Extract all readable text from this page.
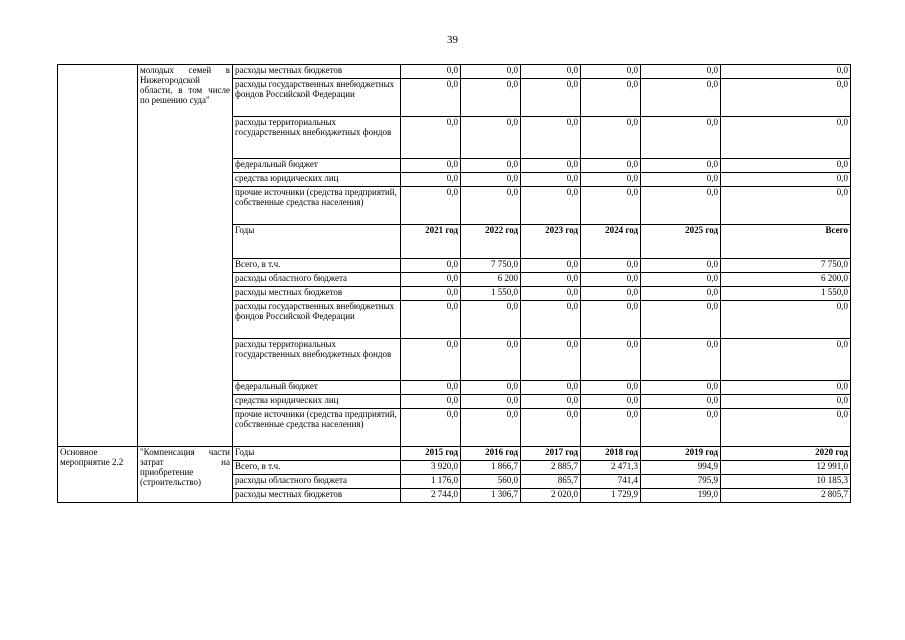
39
	молодых семей в Нижегородской области, в том числе по решению суда"	расходы местных бюджетов	0,0	0,0	0,0	0,0	0,0	0,0
		расходы государственных внебюджетных фондов Российской Федерации	0,0	0,0	0,0	0,0	0,0	0,0
		расходы территориальных государственных внебюджетных фондов	0,0	0,0	0,0	0,0	0,0	0,0
		федеральный бюджет	0,0	0,0	0,0	0,0	0,0	0,0
		средства юридических лиц	0,0	0,0	0,0	0,0	0,0	0,0
		прочие источники (средства предприятий, собственные средства населения)	0,0	0,0	0,0	0,0	0,0	0,0
		Годы	2021 год	2022 год	2023 год	2024 год	2025 год	Всего
		Всего, в т.ч.	0,0	7 750,0	0,0	0,0	0,0	7 750,0
		расходы областного бюджета	0,0	6 200	0,0	0,0	0,0	6 200,0
		расходы местных бюджетов	0,0	1 550,0	0,0	0,0	0,0	1 550,0
		расходы государственных внебюджетных фондов Российской Федерации	0,0	0,0	0,0	0,0	0,0	0,0
		расходы территориальных государственных внебюджетных фондов	0,0	0,0	0,0	0,0	0,0	0,0
		федеральный бюджет	0,0	0,0	0,0	0,0	0,0	0,0
		средства юридических лиц	0,0	0,0	0,0	0,0	0,0	0,0
		прочие источники (средства предприятий, собственные средства населения)	0,0	0,0	0,0	0,0	0,0	0,0
Основное мероприятие 2.2	"Компенсация части затрат на приобретение (строительство)	Годы	2015 год	2016 год	2017 год	2018 год	2019 год	2020 год
		Всего, в т.ч.	3 920,0	1 866,7	2 885,7	2 471,3	994,9	12 991,0
		расходы областного бюджета	1 176,0	560,0	865,7	741,4	795,9	10 185,3
		расходы местных бюджетов	2 744,0	1 306,7	2 020,0	1 729,9	199,0	2 805,7
